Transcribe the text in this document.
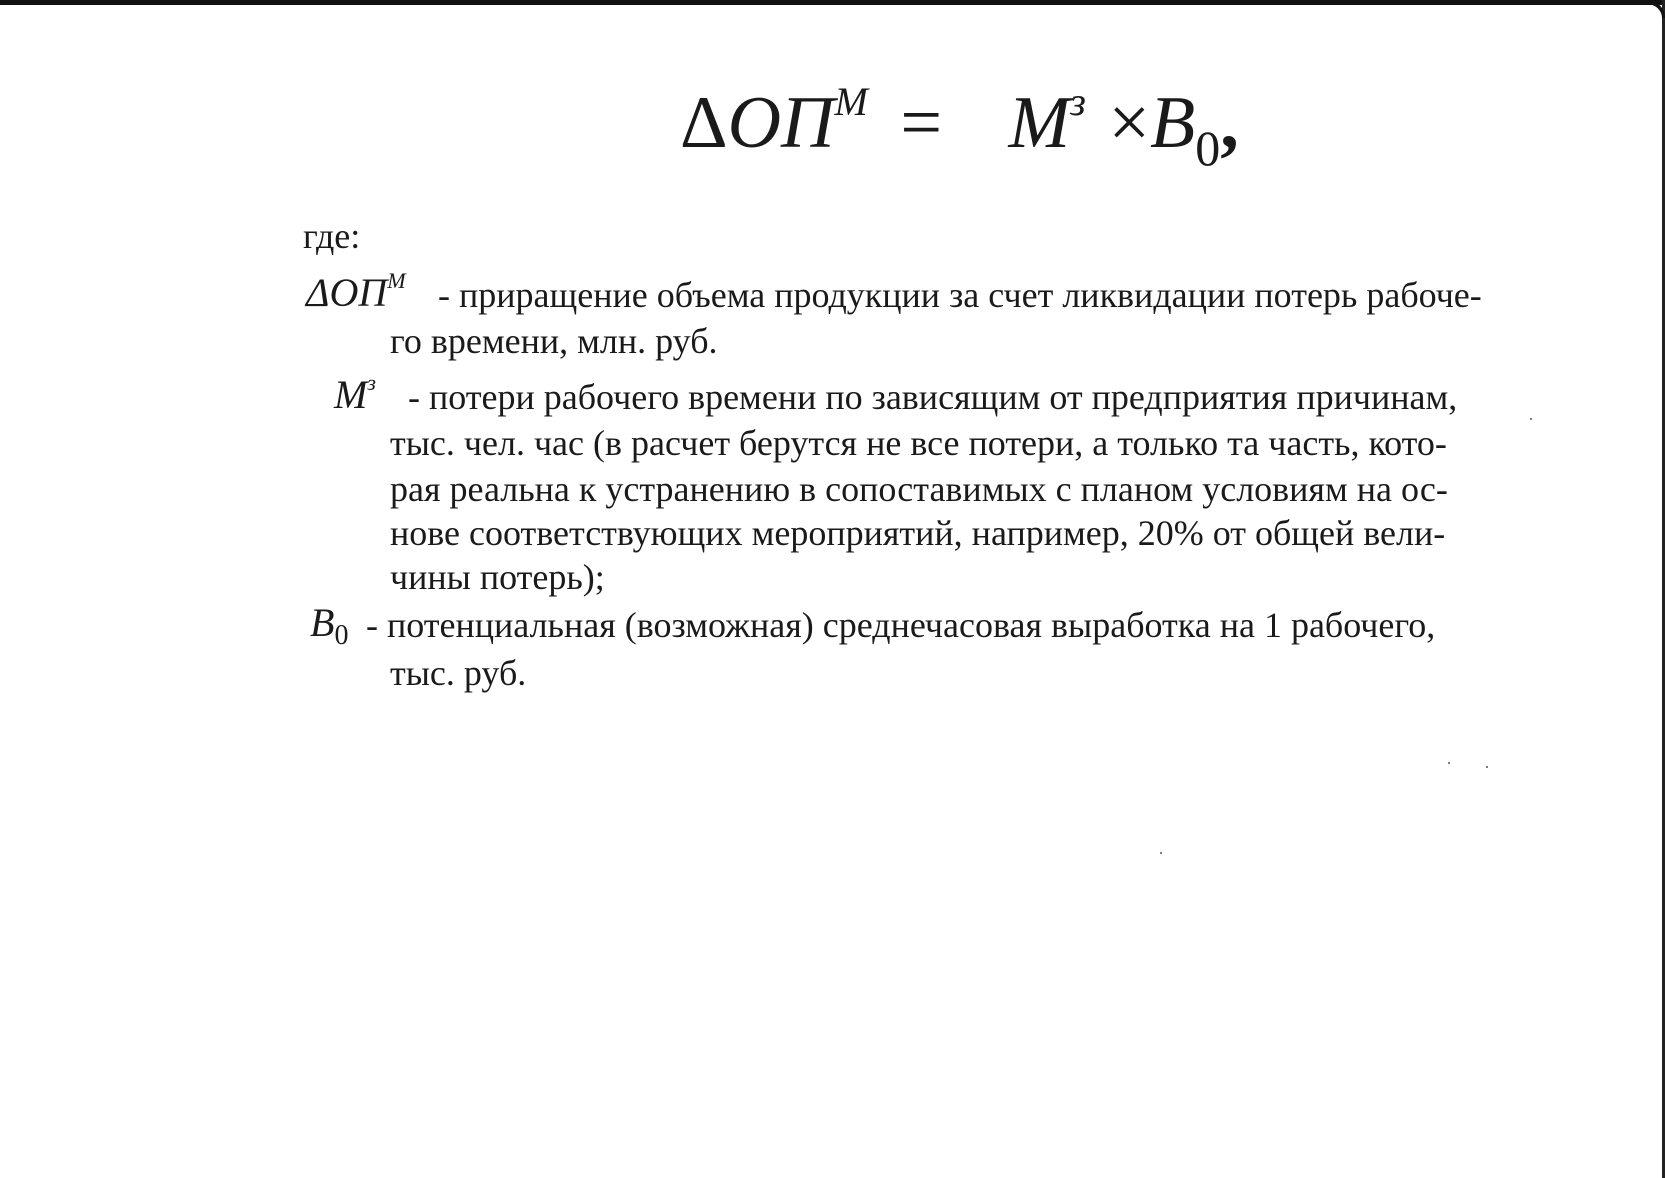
$\Delta ОП^М = М^з \times В_0$,
где:
$\Delta ОП^М$ - приращение объема продукции за счет ликвидации потерь рабоче-
го времени, млн. руб.
$М^з$ - потери рабочего времени по зависящим от предприятия причинам,
тыс. чел. час (в расчет берутся не все потери, а только та часть, кото-
рая реальна к устранению в сопоставимых с планом условиям на ос-
нове соответствующих мероприятий, например, 20% от общей вели-
чины потерь);
$В_0$ - потенциальная (возможная) среднечасовая выработка на 1 рабочего,
тыс. руб.
